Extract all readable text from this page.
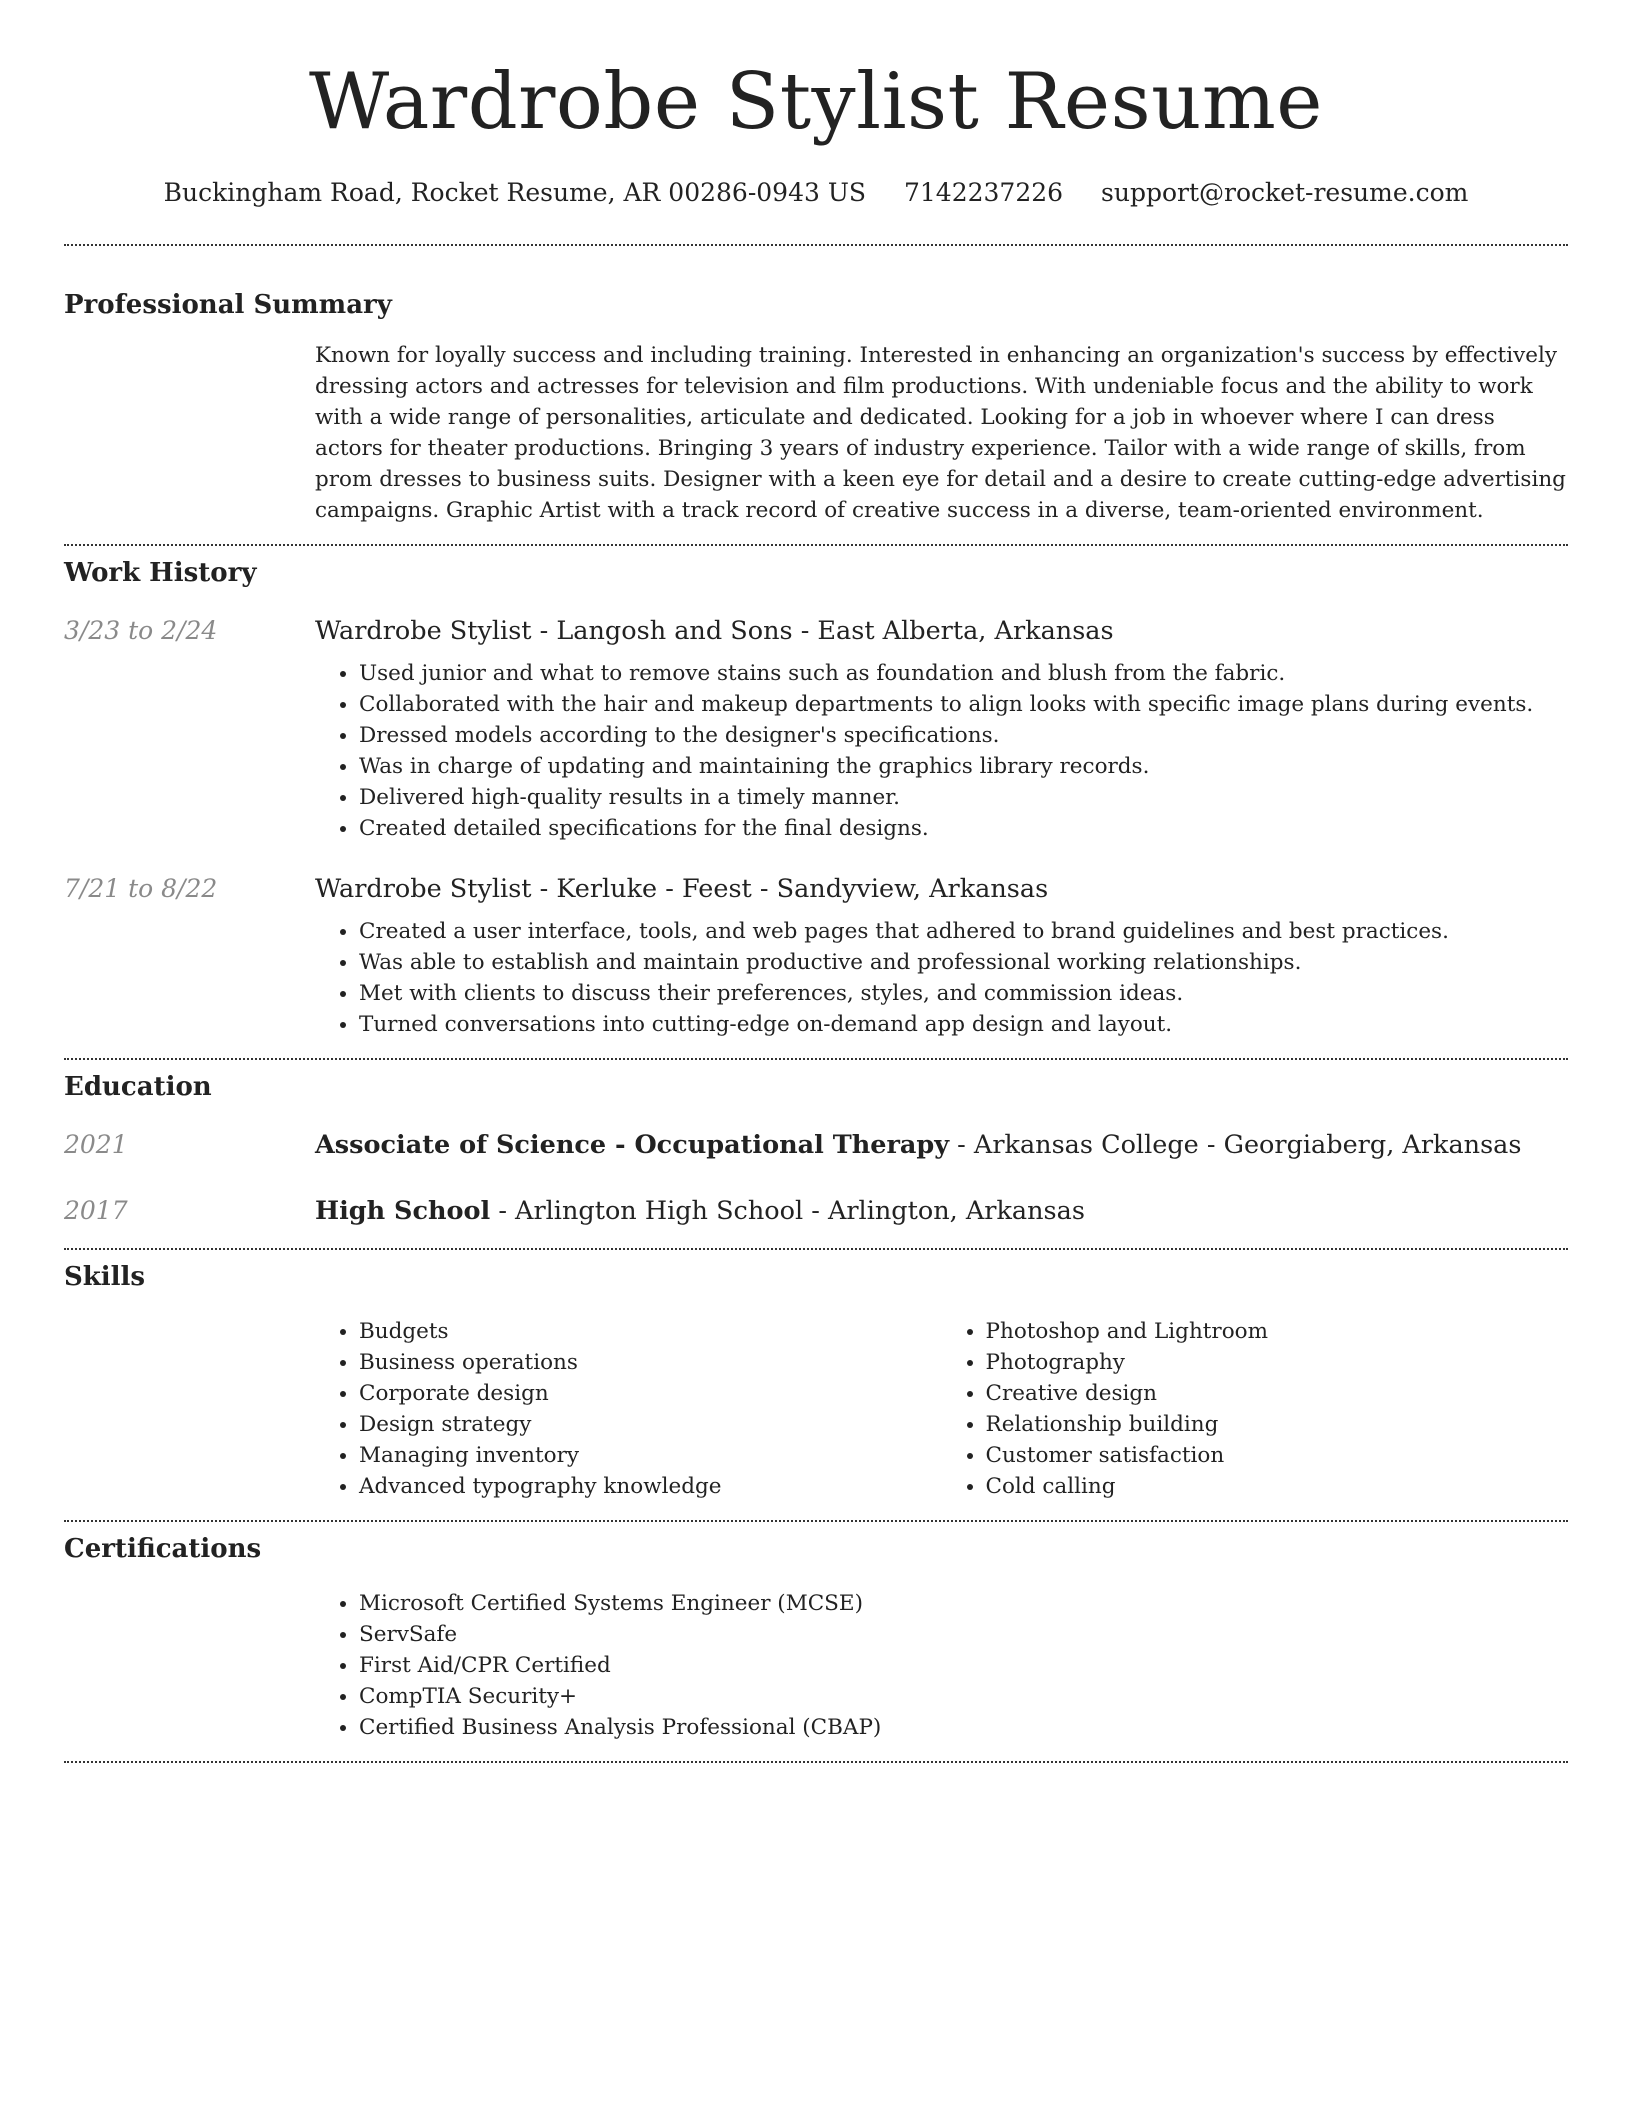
Wardrobe Stylist Resume
Buckingham Road, Rocket Resume, AR 00286-0943 US 7142237226 support@rocket-resume.com
Professional Summary
Known for loyally success and including training. Interested in enhancing an organization's success by effectively dressing actors and actresses for television and film productions. With undeniable focus and the ability to work with a wide range of personalities, articulate and dedicated. Looking for a job in whoever where I can dress actors for theater productions. Bringing 3 years of industry experience. Tailor with a wide range of skills, from prom dresses to business suits. Designer with a keen eye for detail and a desire to create cutting-edge advertising campaigns. Graphic Artist with a track record of creative success in a diverse, team-oriented environment.
Work History
3/23 to 2/24	Wardrobe Stylist - Langosh and Sons - East Alberta, Arkansas
• Used junior and what to remove stains such as foundation and blush from the fabric.
• Collaborated with the hair and makeup departments to align looks with specific image plans during events.
• Dressed models according to the designer's specifications.
• Was in charge of updating and maintaining the graphics library records.
• Delivered high-quality results in a timely manner.
• Created detailed specifications for the final designs.
7/21 to 8/22	Wardrobe Stylist - Kerluke - Feest - Sandyview, Arkansas
• Created a user interface, tools, and web pages that adhered to brand guidelines and best practices.
• Was able to establish and maintain productive and professional working relationships.
• Met with clients to discuss their preferences, styles, and commission ideas.
• Turned conversations into cutting-edge on-demand app design and layout.
Education
2021	Associate of Science - Occupational Therapy - Arkansas College - Georgiaberg, Arkansas
2017	High School - Arlington High School - Arlington, Arkansas
Skills
• Budgets
• Business operations
• Corporate design
• Design strategy
• Managing inventory
• Advanced typography knowledge
• Photoshop and Lightroom
• Photography
• Creative design
• Relationship building
• Customer satisfaction
• Cold calling
Certifications
• Microsoft Certified Systems Engineer (MCSE)
• ServSafe
• First Aid/CPR Certified
• CompTIA Security+
• Certified Business Analysis Professional (CBAP)
